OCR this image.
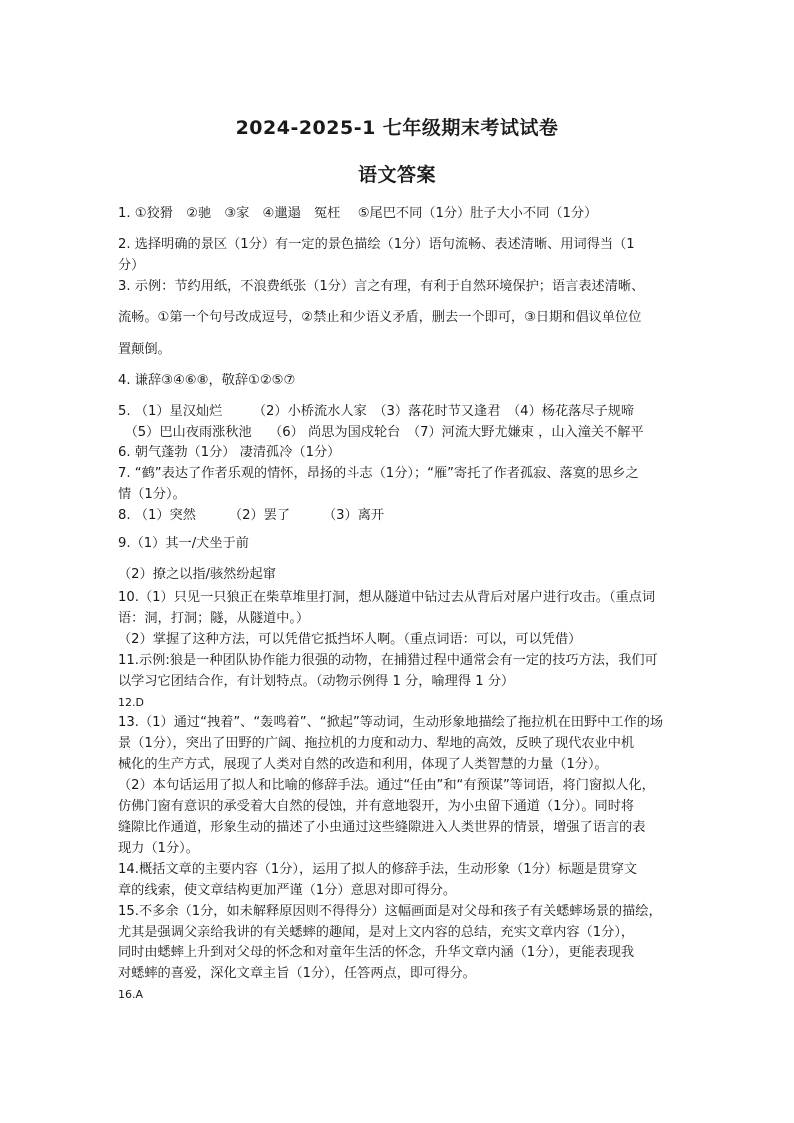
2024-2025-1 七年级期末考试试卷
语文答案
1. ①狡猾　②驰　③家　④邋遢　冤枉　 ⑤尾巴不同（1分）肚子大小不同（1分）
2. 选择明确的景区（1分）有一定的景色描绘（1分）语句流畅、表述清晰、用词得当（1
分）
3. 示例：节约用纸，不浪费纸张（1分）言之有理，有利于自然环境保护；语言表述清晰、
流畅。①第一个句号改成逗号，②禁止和少语义矛盾，删去一个即可，③日期和倡议单位位
置颠倒。
4. 谦辞③④⑥⑧，敬辞①②⑤⑦
5. （1）星汉灿烂　　 （2）小桥流水人家　（3）落花时节又逢君　（4）杨花落尽子规啼
　（5）巴山夜雨涨秋池　 （6） 尚思为国戍轮台　（7）河流大野尤嫌束 ，山入潼关不解平
6. 朝气蓬勃（1分） 凄清孤冷（1分）
7. “鹤”表达了作者乐观的情怀，昂扬的斗志（1分）；“雁”寄托了作者孤寂、落寞的思乡之
情（1分）。
8. （1）突然　　　（2）罢了　　　（3）离开
9.（1）其一/犬坐于前
（2）撩之以指/骇然纷起窜
10.（1）只见一只狼正在柴草堆里打洞，想从隧道中钻过去从背后对屠户进行攻击。（重点词
语：洞，打洞；隧，从隧道中。）
（2）掌握了这种方法，可以凭借它抵挡坏人啊。（重点词语：可以，可以凭借）
11.示例:狼是一种团队协作能力很强的动物，在捕猎过程中通常会有一定的技巧方法，我们可
以学习它团结合作，有计划特点。（动物示例得 1 分，喻理得 1 分）
12.D
13.（1）通过“拽着”、“轰鸣着”、“掀起”等动词，生动形象地描绘了拖拉机在田野中工作的场
景（1分），突出了田野的广阔、拖拉机的力度和动力、犁地的高效，反映了现代农业中机
械化的生产方式，展现了人类对自然的改造和利用，体现了人类智慧的力量（1分）。
（2）本句话运用了拟人和比喻的修辞手法。通过“任由”和“有预谋”等词语，将门窗拟人化，
仿佛门窗有意识的承受着大自然的侵蚀，并有意地裂开，为小虫留下通道（1分）。同时将
缝隙比作通道，形象生动的描述了小虫通过这些缝隙进入人类世界的情景，增强了语言的表
现力（1分）。
14.概括文章的主要内容（1分），运用了拟人的修辞手法，生动形象（1分）标题是贯穿文
章的线索，使文章结构更加严谨（1分）意思对即可得分。
15.不多余（1分，如未解释原因则不得得分）这幅画面是对父母和孩子有关蟋蟀场景的描绘，
尤其是强调父亲给我讲的有关蟋蟀的趣闻，是对上文内容的总结，充实文章内容（1分），
同时由蟋蟀上升到对父母的怀念和对童年生活的怀念，升华文章内涵（1分），更能表现我
对蟋蟀的喜爱，深化文章主旨（1分），任答两点，即可得分。
16.A
